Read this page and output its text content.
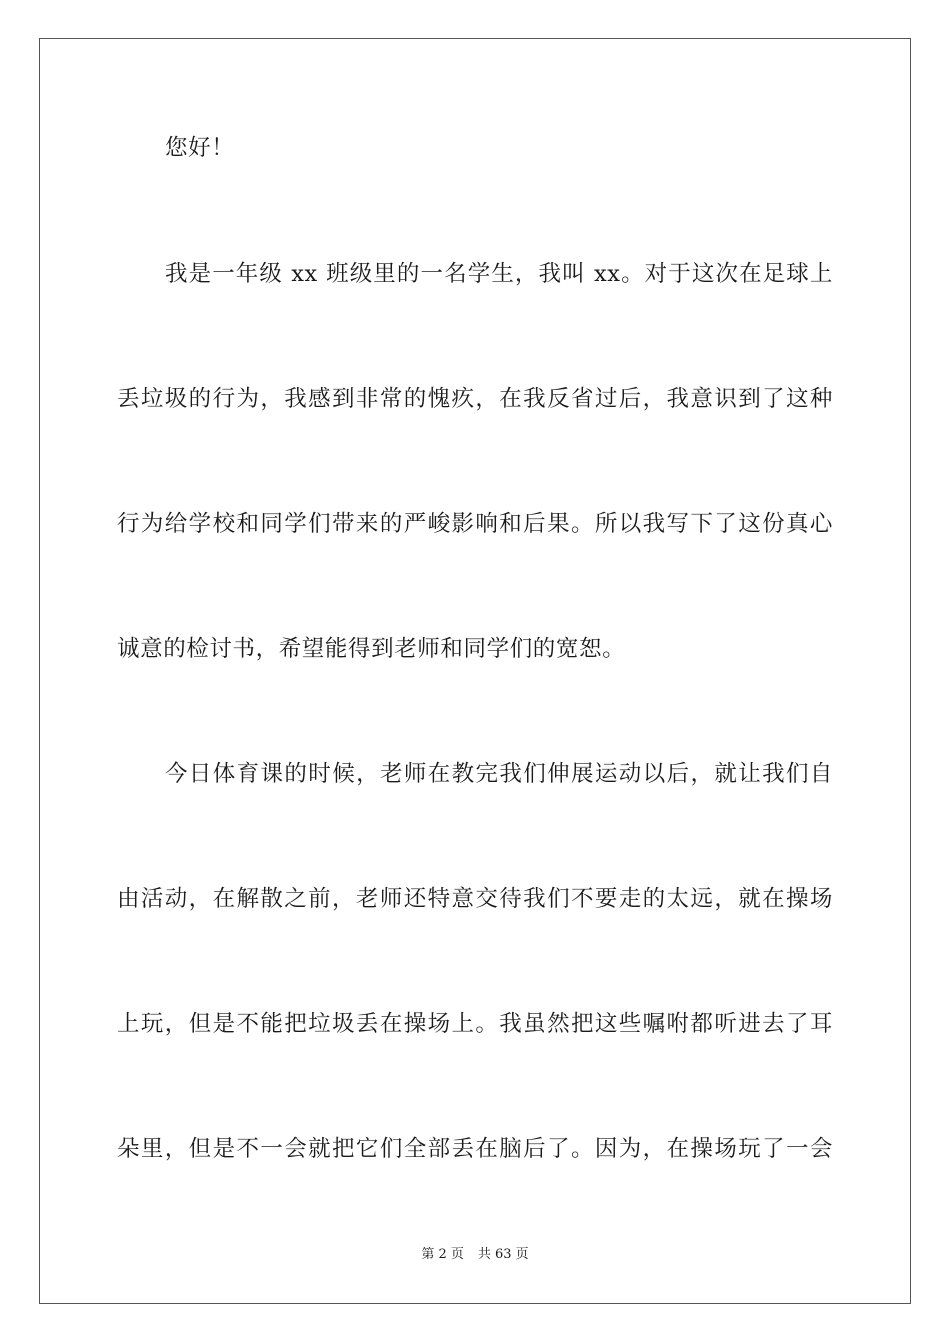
您好！
我是一年级 xx 班级里的一名学生，我叫 xx。对于这次在足球上
丢垃圾的行为，我感到非常的愧疚，在我反省过后，我意识到了这种
行为给学校和同学们带来的严峻影响和后果。所以我写下了这份真心
诚意的检讨书，希望能得到老师和同学们的宽恕。
今日体育课的时候，老师在教完我们伸展运动以后，就让我们自
由活动，在解散之前，老师还特意交待我们不要走的太远，就在操场
上玩，但是不能把垃圾丢在操场上。我虽然把这些嘱咐都听进去了耳
朵里，但是不一会就把它们全部丢在脑后了。因为，在操场玩了一会
第 2 页 共 63 页
